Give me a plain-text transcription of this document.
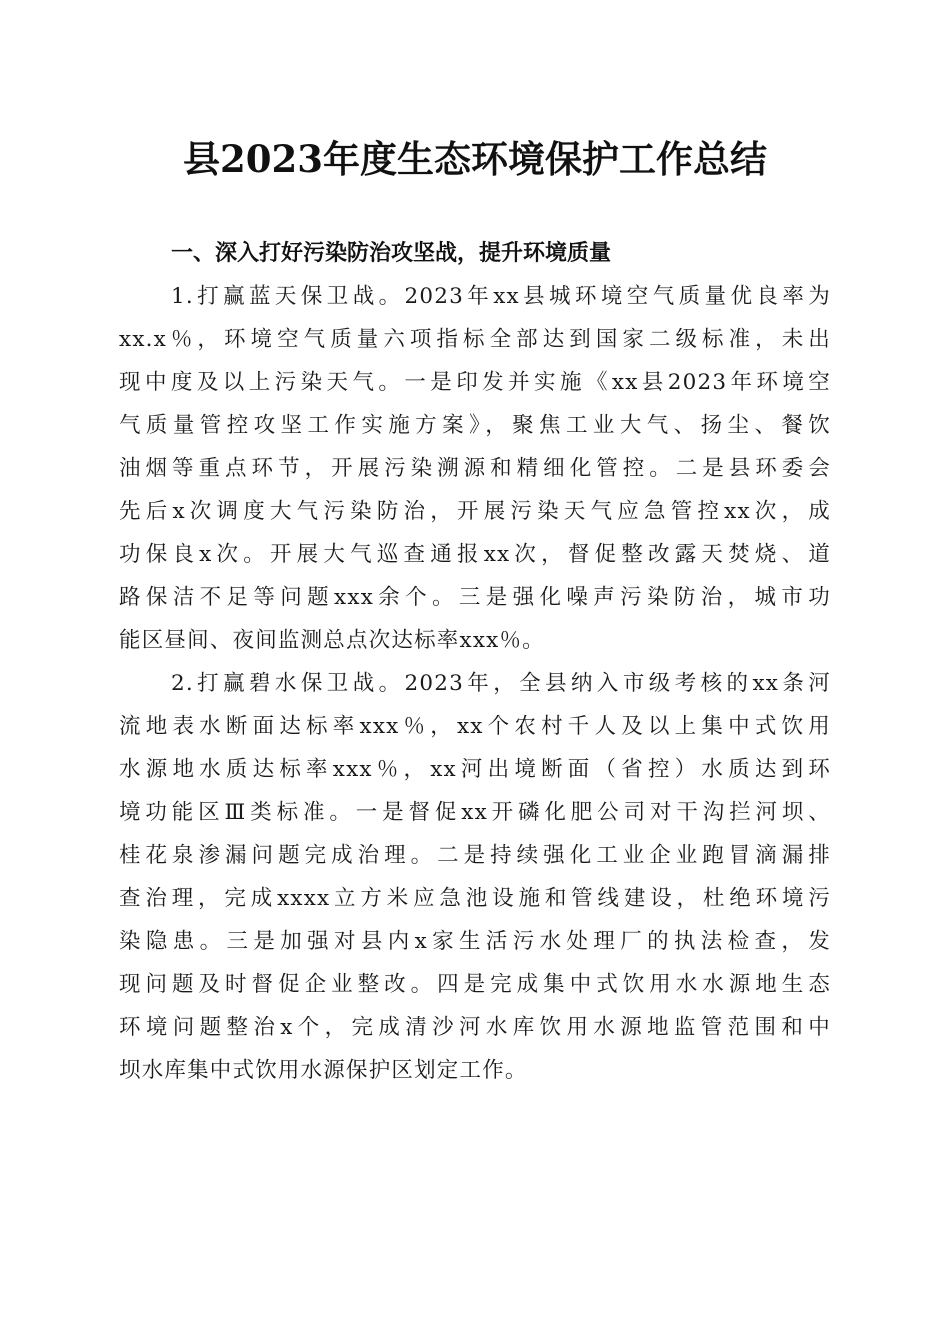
县2023年度生态环境保护工作总结
一、深入打好污染防治攻坚战，提升环境质量
1.打赢蓝天保卫战。2023年xx县城环境空气质量优良率为
xx.x％，环境空气质量六项指标全部达到国家二级标准，未出
现中度及以上污染天气。一是印发并实施《xx县2023年环境空
气质量管控攻坚工作实施方案》，聚焦工业大气、扬尘、餐饮
油烟等重点环节，开展污染溯源和精细化管控。二是县环委会
先后x次调度大气污染防治，开展污染天气应急管控xx次，成
功保良x次。开展大气巡查通报xx次，督促整改露天焚烧、道
路保洁不足等问题xxx余个。三是强化噪声污染防治，城市功
能区昼间、夜间监测总点次达标率xxx％。
2.打赢碧水保卫战。2023年，全县纳入市级考核的xx条河
流地表水断面达标率xxx％，xx个农村千人及以上集中式饮用
水源地水质达标率xxx％，xx河出境断面（省控）水质达到环
境功能区Ⅲ类标准。一是督促xx开磷化肥公司对干沟拦河坝、
桂花泉渗漏问题完成治理。二是持续强化工业企业跑冒滴漏排
查治理，完成xxxx立方米应急池设施和管线建设，杜绝环境污
染隐患。三是加强对县内x家生活污水处理厂的执法检查，发
现问题及时督促企业整改。四是完成集中式饮用水水源地生态
环境问题整治x个，完成清沙河水库饮用水源地监管范围和中
坝水库集中式饮用水源保护区划定工作。
